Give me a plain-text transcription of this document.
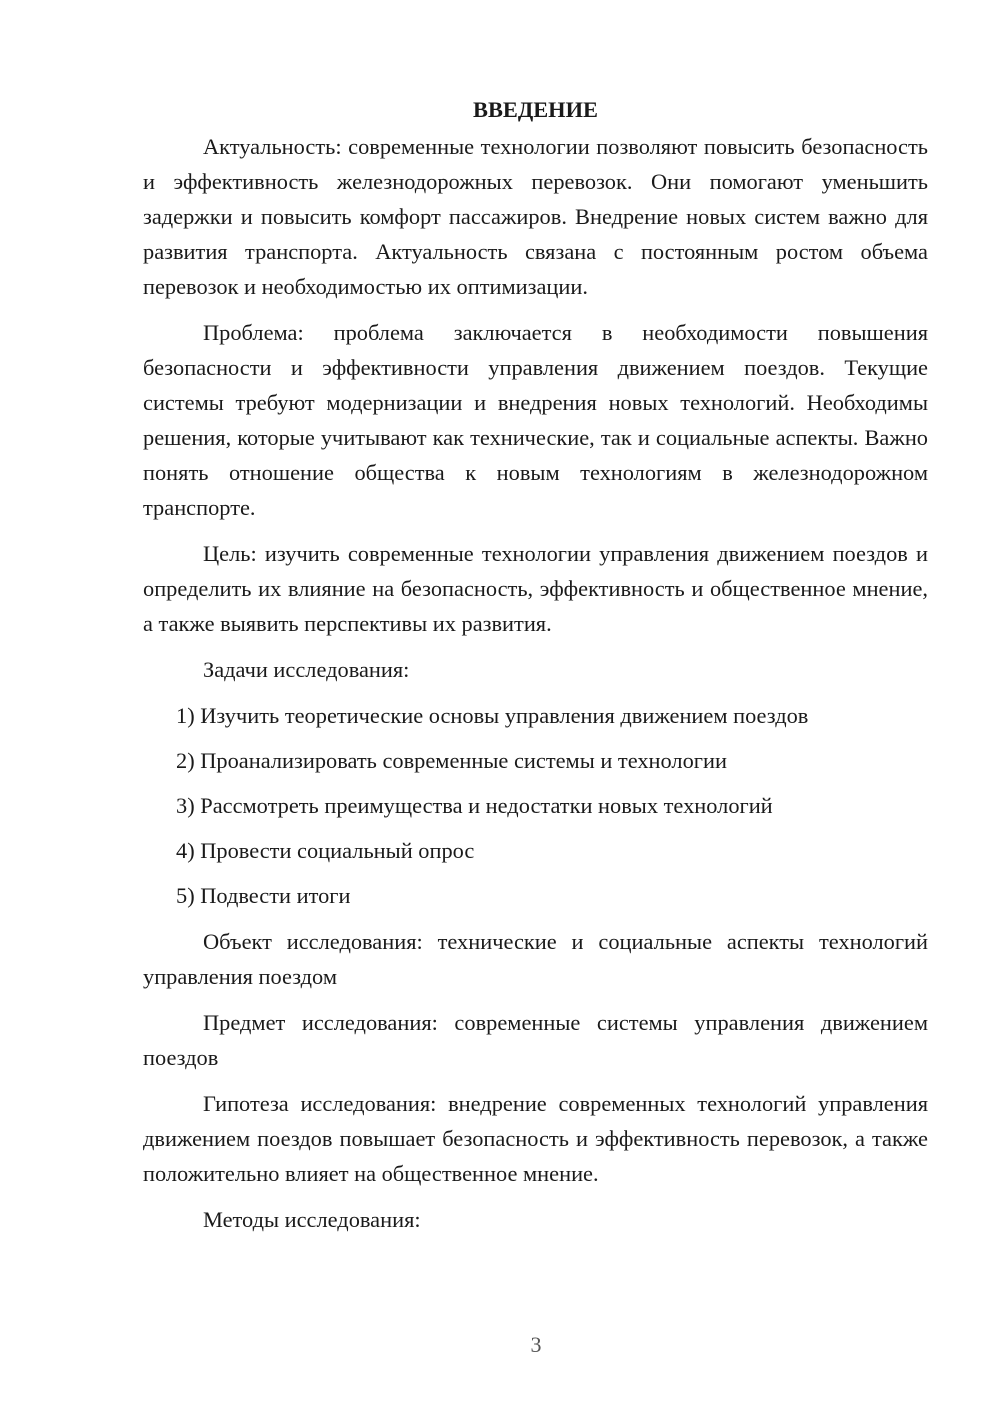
ВВЕДЕНИЕ

Актуальность: современные технологии позволяют повысить безопасность и эффективность железнодорожных перевозок. Они помогают уменьшить задержки и повысить комфорт пассажиров. Внедрение новых систем важно для развития транспорта. Актуальность связана с постоянным ростом объема перевозок и необходимостью их оптимизации.

Проблема: проблема заключается в необходимости повышения безопасности и эффективности управления движением поездов. Текущие системы требуют модернизации и внедрения новых технологий. Необходимы решения, которые учитывают как технические, так и социальные аспекты. Важно понять отношение общества к новым технологиям в железнодорожном транспорте.

Цель: изучить современные технологии управления движением поездов и определить их влияние на безопасность, эффективность и общественное мнение, а также выявить перспективы их развития.

Задачи исследования:

1) Изучить теоретические основы управления движением поездов
2) Проанализировать современные системы и технологии
3) Рассмотреть преимущества и недостатки новых технологий
4) Провести социальный опрос
5) Подвести итоги

Объект исследования: технические и социальные аспекты технологий управления поездом

Предмет исследования: современные системы управления движением поездов

Гипотеза исследования: внедрение современных технологий управления движением поездов повышает безопасность и эффективность перевозок, а также положительно влияет на общественное мнение.

Методы исследования:

3
